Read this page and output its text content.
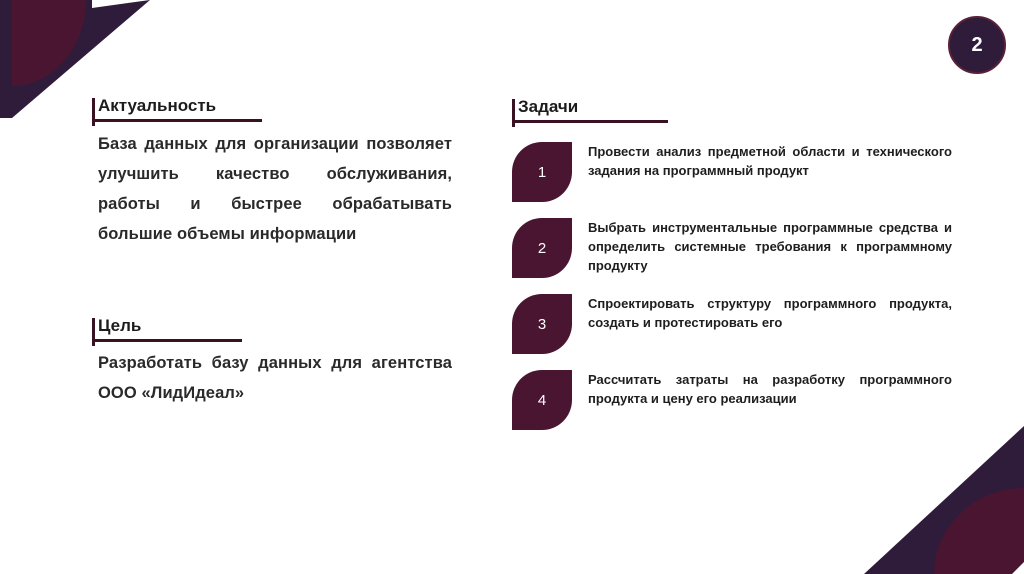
2
Актуальность
База данных для организации позволяет улучшить качество обслуживания, работы и быстрее обрабатывать большие объемы информации
Цель
Разработать базу данных для агентства ООО «ЛидИдеал»
Задачи
1
Провести анализ предметной области и технического задания на программный продукт
2
Выбрать инструментальные программные средства и определить системные требования к программному продукту
3
Спроектировать структуру программного продукта, создать и протестировать его
4
Рассчитать затраты на разработку программного продукта и цену его реализации
